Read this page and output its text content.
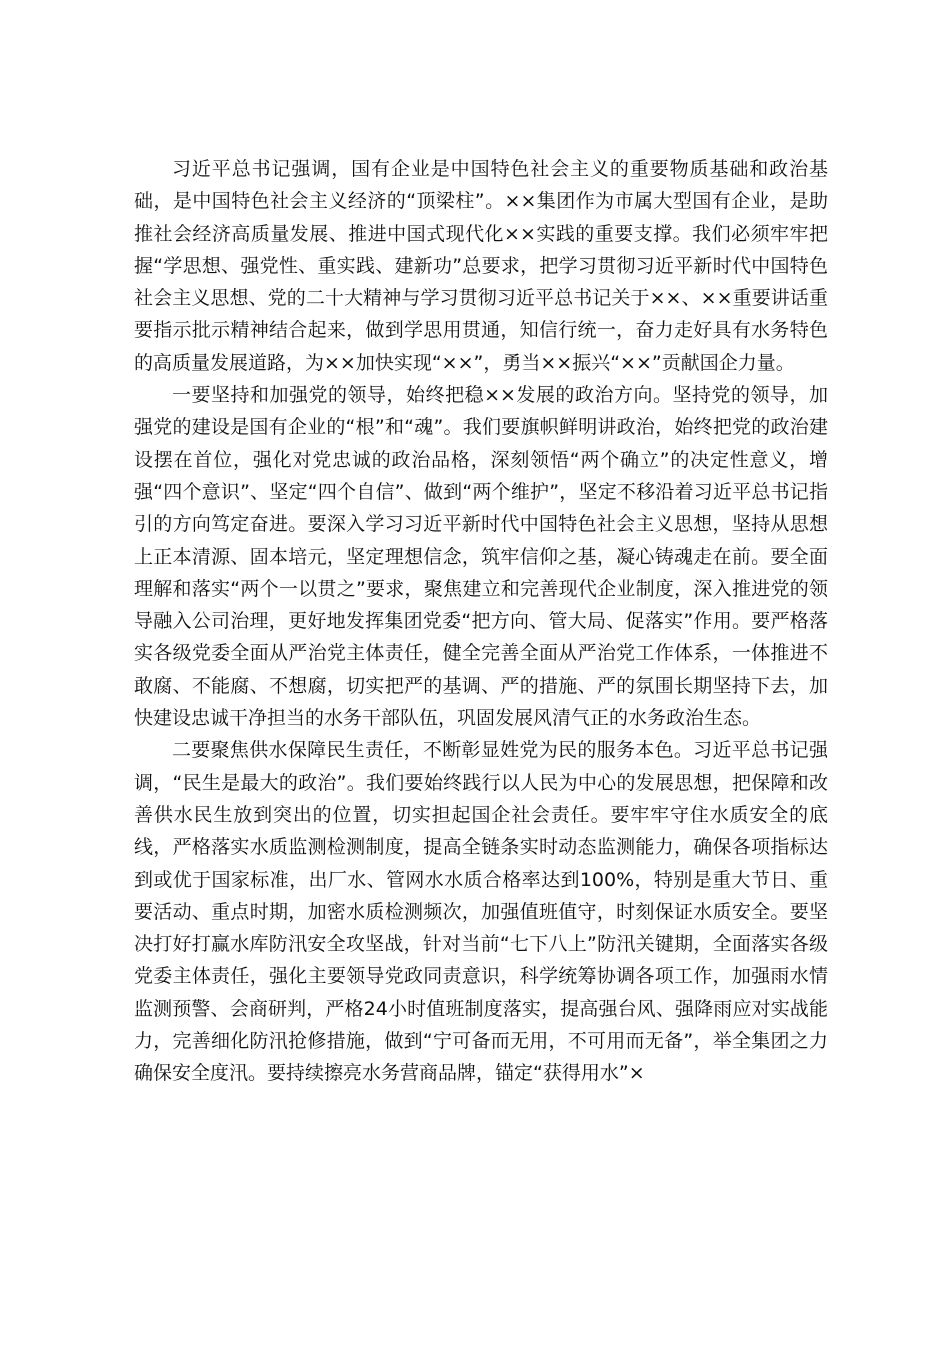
习近平总书记强调，国有企业是中国特色社会主义的重要物质基础和政治基础，是中国特色社会主义经济的“顶梁柱”。××集团作为市属大型国有企业，是助推社会经济高质量发展、推进中国式现代化××实践的重要支撑。我们必须牢牢把握“学思想、强党性、重实践、建新功”总要求，把学习贯彻习近平新时代中国特色社会主义思想、党的二十大精神与学习贯彻习近平总书记关于××、××重要讲话重要指示批示精神结合起来，做到学思用贯通，知信行统一，奋力走好具有水务特色的高质量发展道路，为××加快实现“××”，勇当××振兴“××”贡献国企力量。

一要坚持和加强党的领导，始终把稳××发展的政治方向。坚持党的领导，加强党的建设是国有企业的“根”和“魂”。我们要旗帜鲜明讲政治，始终把党的政治建设摆在首位，强化对党忠诚的政治品格，深刻领悟“两个确立”的决定性意义，增强“四个意识”、坚定“四个自信”、做到“两个维护”，坚定不移沿着习近平总书记指引的方向笃定奋进。要深入学习习近平新时代中国特色社会主义思想，坚持从思想上正本清源、固本培元，坚定理想信念，筑牢信仰之基，凝心铸魂走在前。要全面理解和落实“两个一以贯之”要求，聚焦建立和完善现代企业制度，深入推进党的领导融入公司治理，更好地发挥集团党委“把方向、管大局、促落实”作用。要严格落实各级党委全面从严治党主体责任，健全完善全面从严治党工作体系，一体推进不敢腐、不能腐、不想腐，切实把严的基调、严的措施、严的氛围长期坚持下去，加快建设忠诚干净担当的水务干部队伍，巩固发展风清气正的水务政治生态。

二要聚焦供水保障民生责任，不断彰显姓党为民的服务本色。习近平总书记强调，“民生是最大的政治”。我们要始终践行以人民为中心的发展思想，把保障和改善供水民生放到突出的位置，切实担起国企社会责任。要牢牢守住水质安全的底线，严格落实水质监测检测制度，提高全链条实时动态监测能力，确保各项指标达到或优于国家标准，出厂水、管网水水质合格率达到100%，特别是重大节日、重要活动、重点时期，加密水质检测频次，加强值班值守，时刻保证水质安全。要坚决打好打赢水库防汛安全攻坚战，针对当前“七下八上”防汛关键期，全面落实各级党委主体责任，强化主要领导党政同责意识，科学统筹协调各项工作，加强雨水情监测预警、会商研判，严格24小时值班制度落实，提高强台风、强降雨应对实战能力，完善细化防汛抢修措施，做到“宁可备而无用，不可用而无备”，举全集团之力确保安全度汛。要持续擦亮水务营商品牌，锚定“获得用水”×
